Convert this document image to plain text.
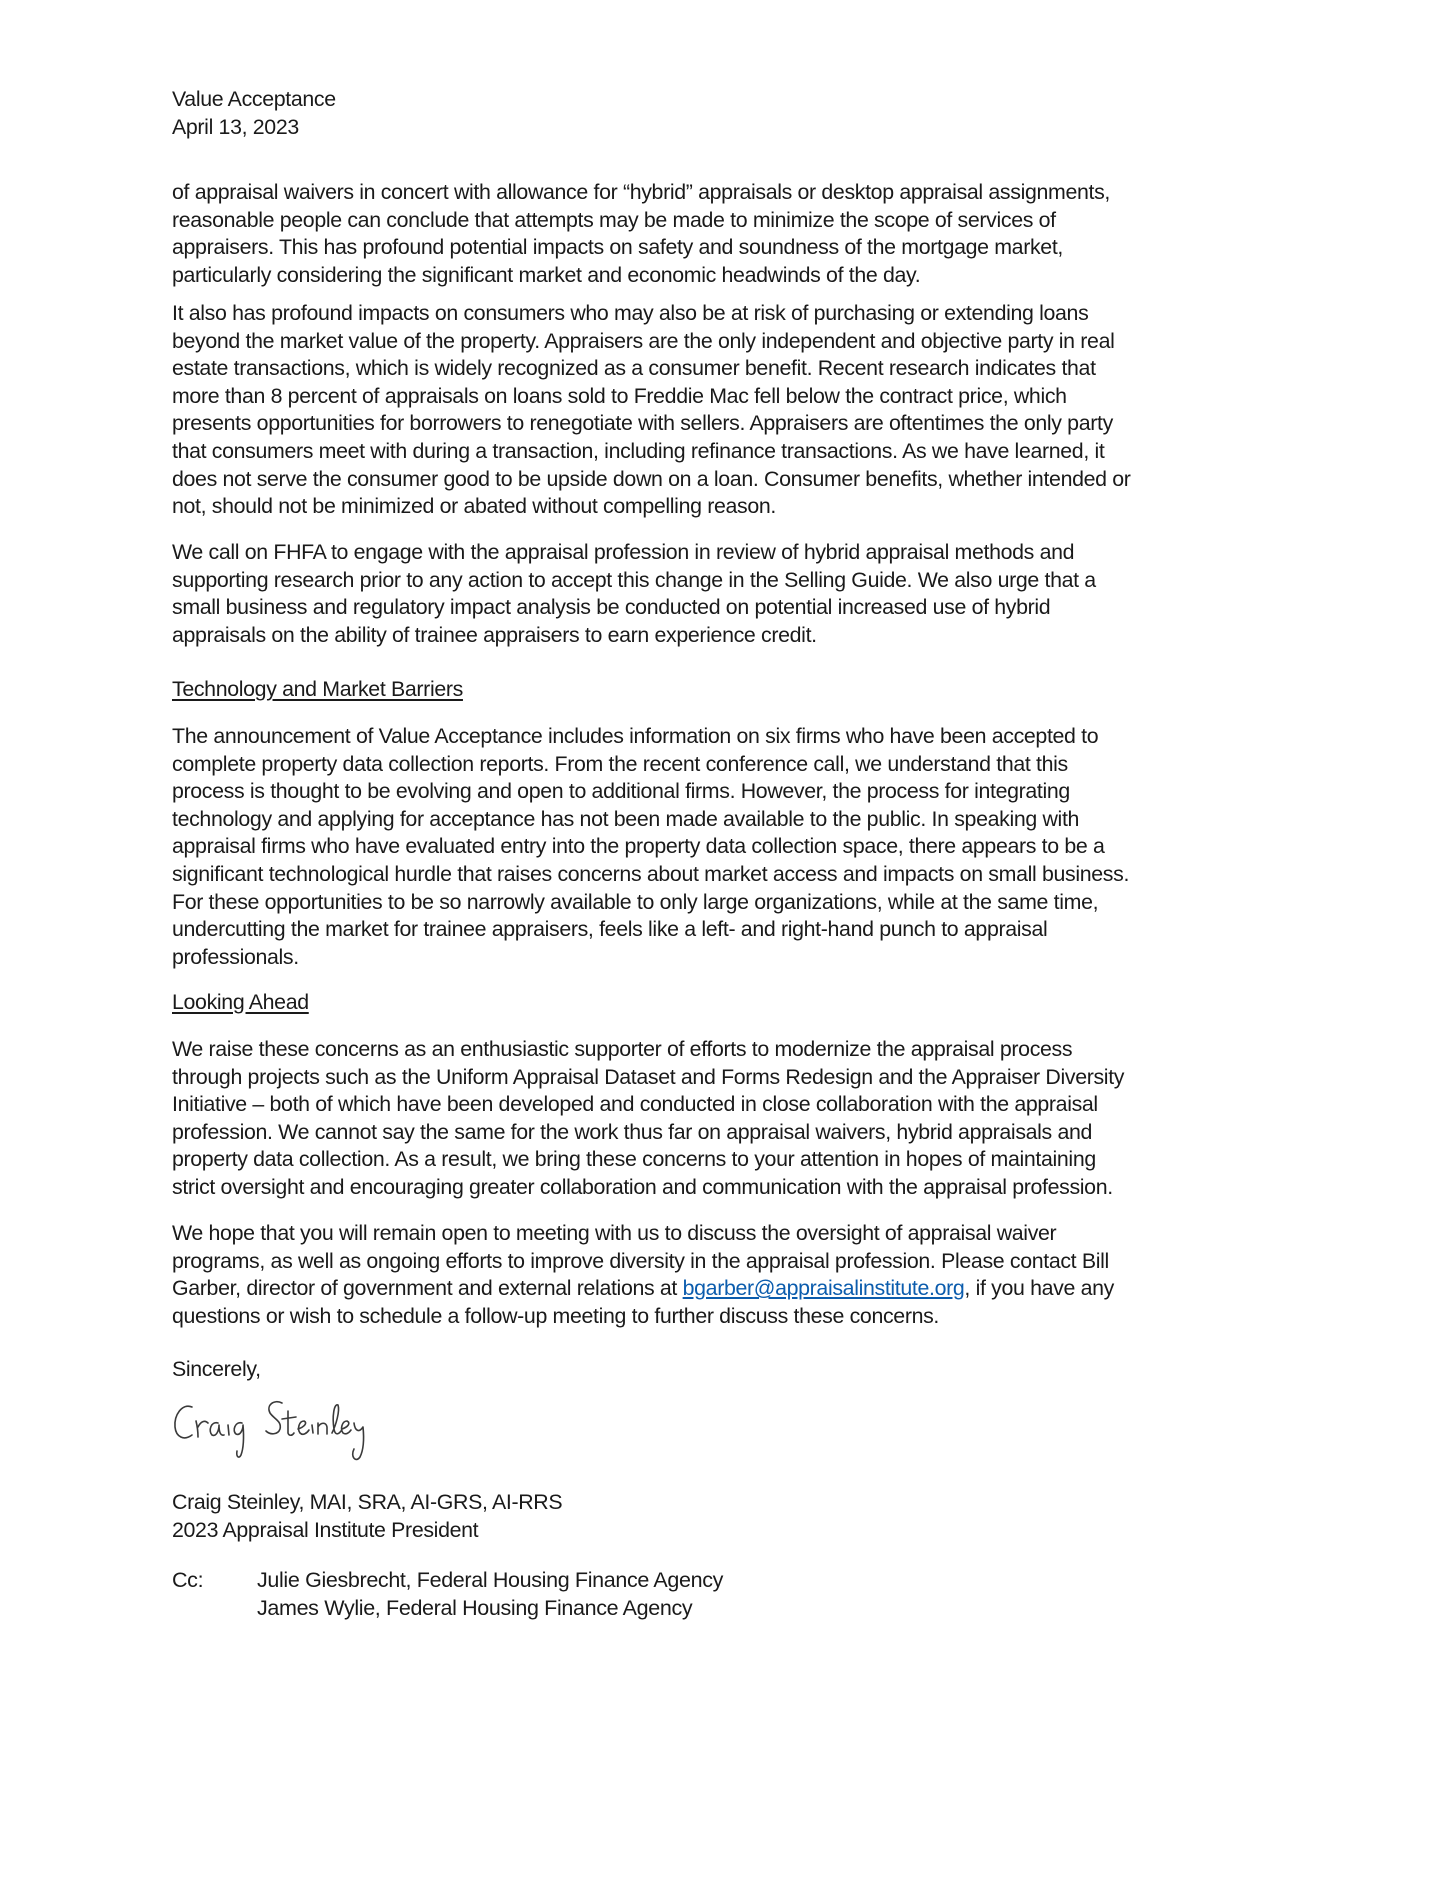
Value Acceptance
April 13, 2023
of appraisal waivers in concert with allowance for “hybrid” appraisals or desktop appraisal assignments,
reasonable people can conclude that attempts may be made to minimize the scope of services of
appraisers. This has profound potential impacts on safety and soundness of the mortgage market,
particularly considering the significant market and economic headwinds of the day.
It also has profound impacts on consumers who may also be at risk of purchasing or extending loans
beyond the market value of the property. Appraisers are the only independent and objective party in real
estate transactions, which is widely recognized as a consumer benefit. Recent research indicates that
more than 8 percent of appraisals on loans sold to Freddie Mac fell below the contract price, which
presents opportunities for borrowers to renegotiate with sellers. Appraisers are oftentimes the only party
that consumers meet with during a transaction, including refinance transactions. As we have learned, it
does not serve the consumer good to be upside down on a loan. Consumer benefits, whether intended or
not, should not be minimized or abated without compelling reason.
We call on FHFA to engage with the appraisal profession in review of hybrid appraisal methods and
supporting research prior to any action to accept this change in the Selling Guide. We also urge that a
small business and regulatory impact analysis be conducted on potential increased use of hybrid
appraisals on the ability of trainee appraisers to earn experience credit.
Technology and Market Barriers
The announcement of Value Acceptance includes information on six firms who have been accepted to
complete property data collection reports. From the recent conference call, we understand that this
process is thought to be evolving and open to additional firms. However, the process for integrating
technology and applying for acceptance has not been made available to the public. In speaking with
appraisal firms who have evaluated entry into the property data collection space, there appears to be a
significant technological hurdle that raises concerns about market access and impacts on small business.
For these opportunities to be so narrowly available to only large organizations, while at the same time,
undercutting the market for trainee appraisers, feels like a left- and right-hand punch to appraisal
professionals.
Looking Ahead
We raise these concerns as an enthusiastic supporter of efforts to modernize the appraisal process
through projects such as the Uniform Appraisal Dataset and Forms Redesign and the Appraiser Diversity
Initiative – both of which have been developed and conducted in close collaboration with the appraisal
profession. We cannot say the same for the work thus far on appraisal waivers, hybrid appraisals and
property data collection. As a result, we bring these concerns to your attention in hopes of maintaining
strict oversight and encouraging greater collaboration and communication with the appraisal profession.
We hope that you will remain open to meeting with us to discuss the oversight of appraisal waiver
programs, as well as ongoing efforts to improve diversity in the appraisal profession. Please contact Bill
Garber, director of government and external relations at bgarber@appraisalinstitute.org, if you have any
questions or wish to schedule a follow-up meeting to further discuss these concerns.
Sincerely,
Craig Steinley, MAI, SRA, AI-GRS, AI-RRS
2023 Appraisal Institute President
Cc:	Julie Giesbrecht, Federal Housing Finance Agency
James Wylie, Federal Housing Finance Agency
